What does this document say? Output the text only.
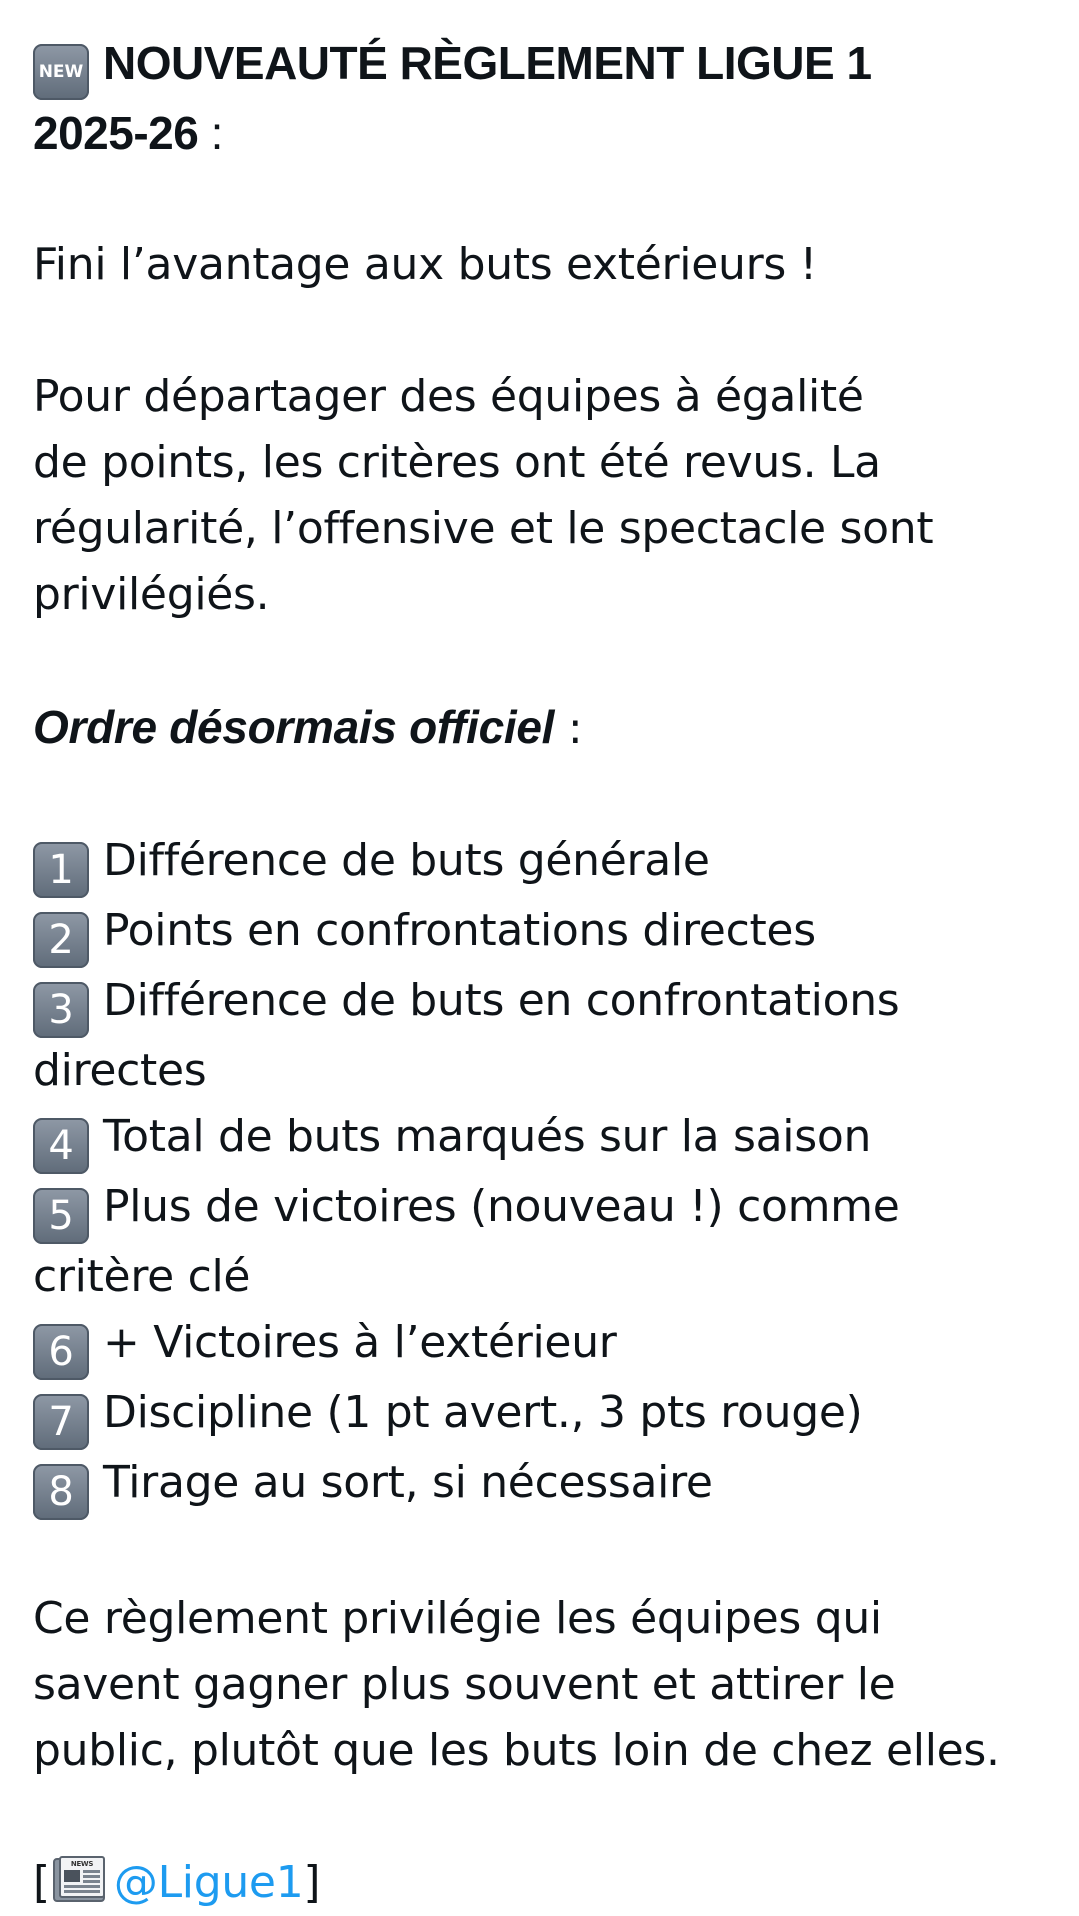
NEW NOUVEAUTÉ RÈGLEMENT LIGUE 1
2025-26 :
Fini l’avantage aux buts extérieurs !
Pour départager des équipes à égalité
de points, les critères ont été revus. La
régularité, l’offensive et le spectacle sont
privilégiés.
Ordre désormais officiel :
1 Différence de buts générale
2 Points en confrontations directes
3 Différence de buts en confrontations
directes
4 Total de buts marqués sur la saison
5 Plus de victoires (nouveau !) comme
critère clé
6 + Victoires à l’extérieur
7 Discipline (1 pt avert., 3 pts rouge)
8 Tirage au sort, si nécessaire
Ce règlement privilégie les équipes qui
savent gagner plus souvent et attirer le
public, plutôt que les buts loin de chez elles.
[	NEWS @Ligue1]
